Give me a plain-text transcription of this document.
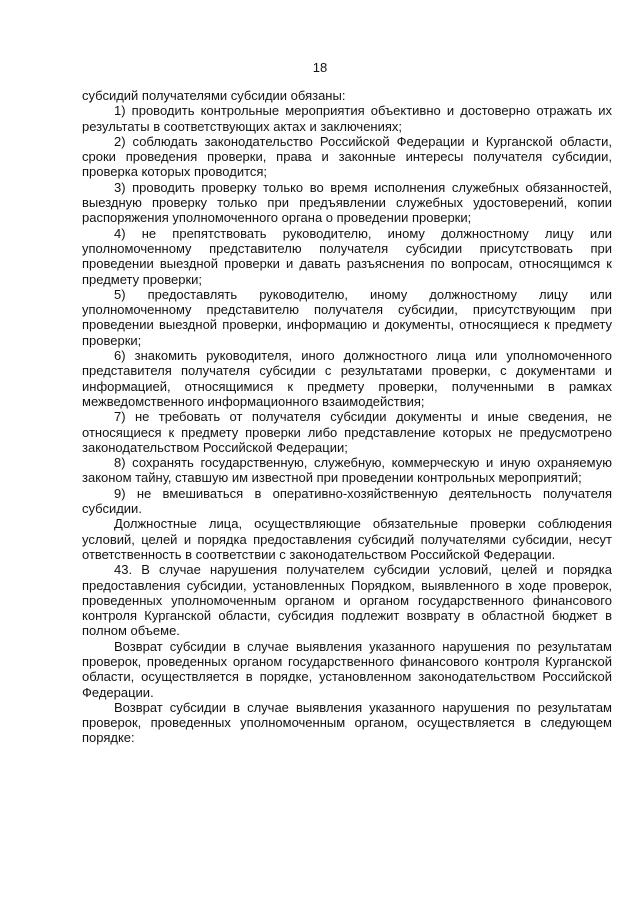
18

субсидий получателями субсидии обязаны:

1) проводить контрольные мероприятия объективно и достоверно отражать их результаты в соответствующих актах и заключениях;

2) соблюдать законодательство Российской Федерации и Курганской области, сроки проведения проверки, права и законные интересы получателя субсидии, проверка которых проводится;

3) проводить проверку только во время исполнения служебных обязанностей, выездную проверку только при предъявлении служебных удостоверений, копии распоряжения уполномоченного органа о проведении проверки;

4) не препятствовать руководителю, иному должностному лицу или уполномоченному представителю получателя субсидии присутствовать при проведении выездной проверки и давать разъяснения по вопросам, относящимся к предмету проверки;

5) предоставлять руководителю, иному должностному лицу или уполномоченному представителю получателя субсидии, присутствующим при проведении выездной проверки, информацию и документы, относящиеся к предмету проверки;

6) знакомить руководителя, иного должностного лица или уполномоченного представителя получателя субсидии с результатами проверки, с документами и информацией, относящимися к предмету проверки, полученными в рамках межведомственного информационного взаимодействия;

7) не требовать от получателя субсидии документы и иные сведения, не относящиеся к предмету проверки либо представление которых не предусмотрено законодательством Российской Федерации;

8) сохранять государственную, служебную, коммерческую и иную охраняемую законом тайну, ставшую им известной при проведении контрольных мероприятий;

9) не вмешиваться в оперативно-хозяйственную деятельность получателя субсидии.

Должностные лица, осуществляющие обязательные проверки соблюдения условий, целей и порядка предоставления субсидий получателями субсидии, несут ответственность в соответствии с законодательством Российской Федерации.

43. В случае нарушения получателем субсидии условий, целей и порядка предоставления субсидии, установленных Порядком, выявленного в ходе проверок, проведенных уполномоченным органом и органом государственного финансового контроля Курганской области, субсидия подлежит возврату в областной бюджет в полном объеме.

Возврат субсидии в случае выявления указанного нарушения по результатам проверок, проведенных органом государственного финансового контроля Курганской области, осуществляется в порядке, установленном законодательством Российской Федерации.

Возврат субсидии в случае выявления указанного нарушения по результатам проверок, проведенных уполномоченным органом, осуществляется в следующем порядке:
